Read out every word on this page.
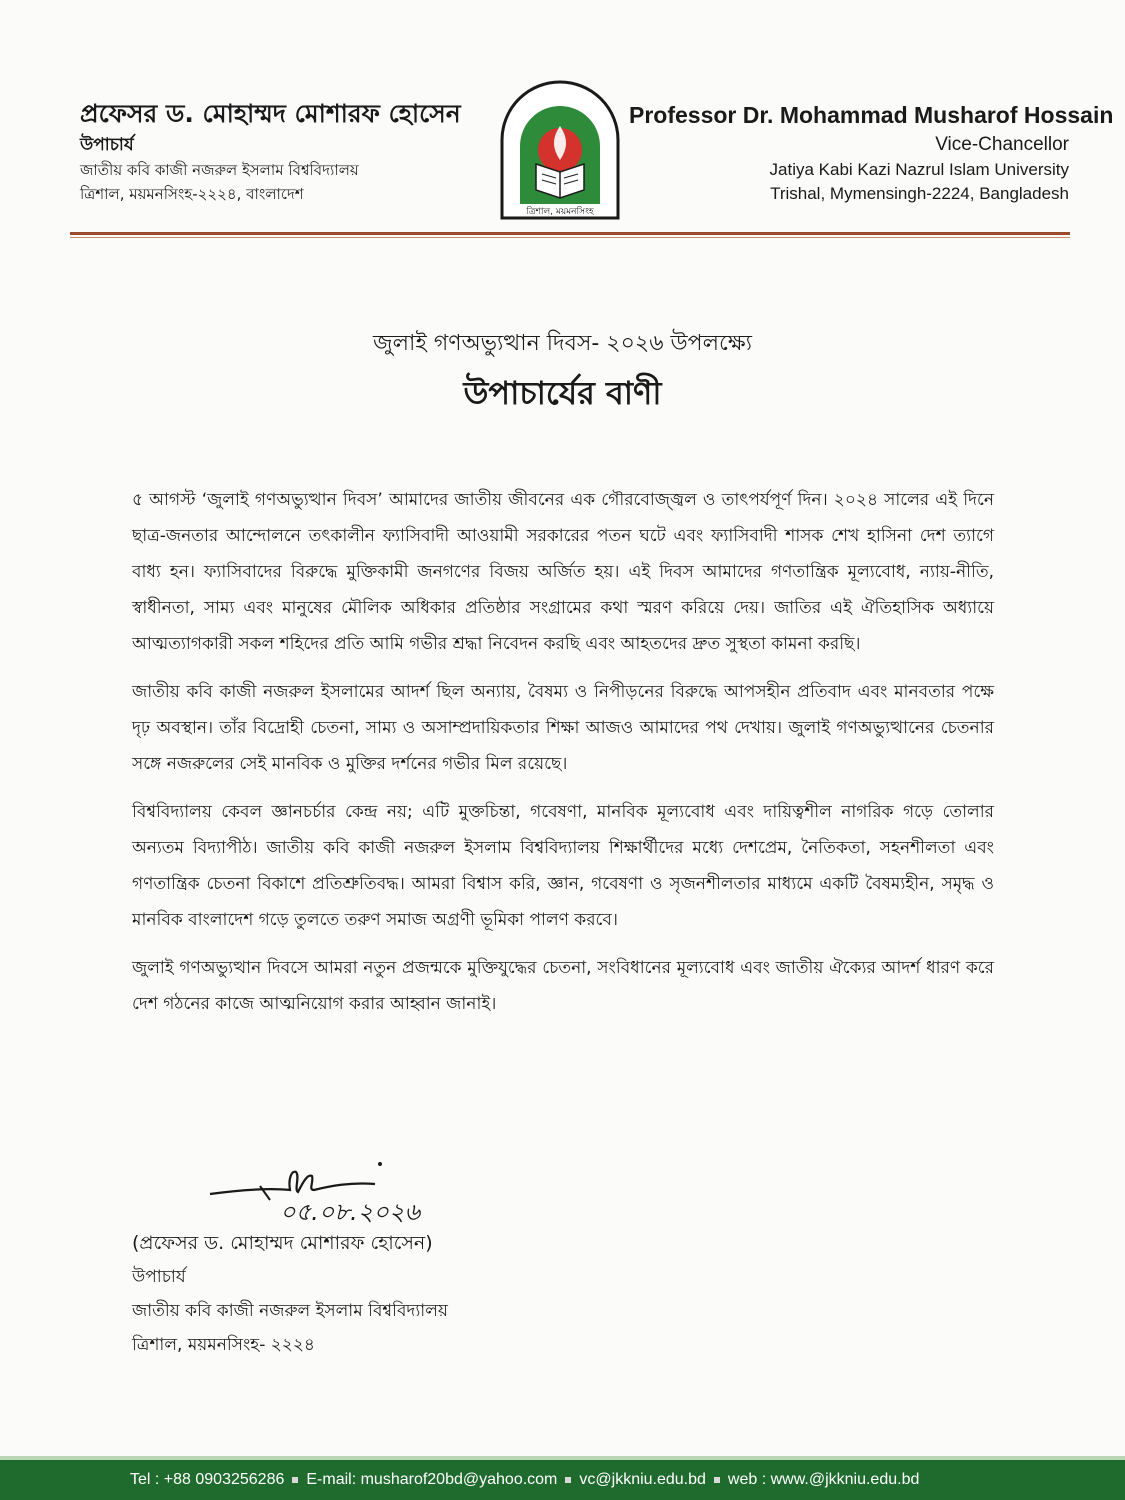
প্রফেসর ড. মোহাম্মদ মোশারফ হোসেন
উপাচার্য
জাতীয় কবি কাজী নজরুল ইসলাম বিশ্ববিদ্যালয়
ত্রিশাল, ময়মনসিংহ-২২২৪, বাংলাদেশ
ত্রিশাল, ময়মনসিংহ
Professor Dr. Mohammad Musharof Hossain
Vice-Chancellor
Jatiya Kabi Kazi Nazrul Islam University
Trishal, Mymensingh-2224, Bangladesh
জুলাই গণঅভ্যুত্থান দিবস- ২০২৬ উপলক্ষ্যে
উপাচার্যের বাণী

৫ আগস্ট ‘জুলাই গণঅভ্যুত্থান দিবস’ আমাদের জাতীয় জীবনের এক গৌরবোজ্জ্বল ও তাৎপর্যপূর্ণ দিন। ২০২৪ সালের এই দিনে ছাত্র-জনতার আন্দোলনে তৎকালীন ফ্যাসিবাদী আওয়ামী সরকারের পতন ঘটে এবং ফ্যাসিবাদী শাসক শেখ হাসিনা দেশ ত্যাগে বাধ্য হন। ফ্যাসিবাদের বিরুদ্ধে মুক্তিকামী জনগণের বিজয় অর্জিত হয়। এই দিবস আমাদের গণতান্ত্রিক মূল্যবোধ, ন্যায়-নীতি, স্বাধীনতা, সাম্য এবং মানুষের মৌলিক অধিকার প্রতিষ্ঠার সংগ্রামের কথা স্মরণ করিয়ে দেয়। জাতির এই ঐতিহাসিক অধ্যায়ে আত্মত্যাগকারী সকল শহিদের প্রতি আমি গভীর শ্রদ্ধা নিবেদন করছি এবং আহতদের দ্রুত সুস্থতা কামনা করছি।

জাতীয় কবি কাজী নজরুল ইসলামের আদর্শ ছিল অন্যায়, বৈষম্য ও নিপীড়নের বিরুদ্ধে আপসহীন প্রতিবাদ এবং মানবতার পক্ষে দৃঢ় অবস্থান। তাঁর বিদ্রোহী চেতনা, সাম্য ও অসাম্প্রদায়িকতার শিক্ষা আজও আমাদের পথ দেখায়। জুলাই গণঅভ্যুত্থানের চেতনার সঙ্গে নজরুলের সেই মানবিক ও মুক্তির দর্শনের গভীর মিল রয়েছে।

বিশ্ববিদ্যালয় কেবল জ্ঞানচর্চার কেন্দ্র নয়; এটি মুক্তচিন্তা, গবেষণা, মানবিক মূল্যবোধ এবং দায়িত্বশীল নাগরিক গড়ে তোলার অন্যতম বিদ্যাপীঠ। জাতীয় কবি কাজী নজরুল ইসলাম বিশ্ববিদ্যালয় শিক্ষার্থীদের মধ্যে দেশপ্রেম, নৈতিকতা, সহনশীলতা এবং গণতান্ত্রিক চেতনা বিকাশে প্রতিশ্রুতিবদ্ধ। আমরা বিশ্বাস করি, জ্ঞান, গবেষণা ও সৃজনশীলতার মাধ্যমে একটি বৈষম্যহীন, সমৃদ্ধ ও মানবিক বাংলাদেশ গড়ে তুলতে তরুণ সমাজ অগ্রণী ভূমিকা পালণ করবে।

জুলাই গণঅভ্যুত্থান দিবসে আমরা নতুন প্রজন্মকে মুক্তিযুদ্ধের চেতনা, সংবিধানের মূল্যবোধ এবং জাতীয় ঐক্যের আদর্শ ধারণ করে দেশ গঠনের কাজে আত্মনিয়োগ করার আহ্বান জানাই।

০৫.০৮.২০২৬
(প্রফেসর ড. মোহাম্মদ মোশারফ হোসেন)
উপাচার্য
জাতীয় কবি কাজী নজরুল ইসলাম বিশ্ববিদ্যালয়
ত্রিশাল, ময়মনসিংহ- ২২২৪
Tel : +88 0903256286 E-mail: musharof20bd@yahoo.com vc@jkkniu.edu.bd web : www.@jkkniu.edu.bd
